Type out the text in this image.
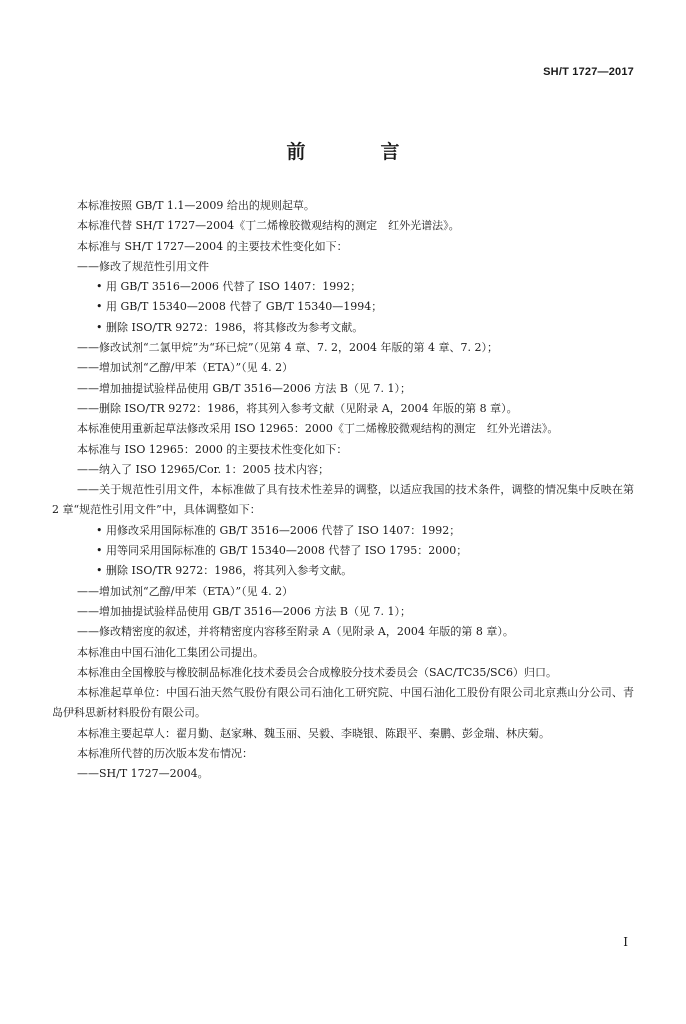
SH/T 1727—2017
前　言
本标准按照 GB/T 1.1—2009 给出的规则起草。
本标准代替 SH/T 1727—2004《丁二烯橡胶微观结构的测定　红外光谱法》。
本标准与 SH/T 1727—2004 的主要技术性变化如下：
——修改了规范性引用文件
• 用 GB/T 3516—2006 代替了 ISO 1407：1992；
• 用 GB/T 15340—2008 代替了 GB/T 15340—1994；
• 删除 ISO/TR 9272：1986，将其修改为参考文献。
——修改试剂“二氯甲烷”为“环已烷”（见第 4 章、7. 2，2004 年版的第 4 章、7. 2）；
——增加试剂“乙醇/甲苯（ETA）”（见 4. 2）
——增加抽提试验样品使用 GB/T 3516—2006 方法 B（见 7. 1）；
——删除 ISO/TR 9272：1986，将其列入参考文献（见附录 A，2004 年版的第 8 章）。
本标准使用重新起草法修改采用 ISO 12965：2000《丁二烯橡胶微观结构的测定　红外光谱法》。
本标准与 ISO 12965：2000 的主要技术性变化如下：
——纳入了 ISO 12965/Cor. 1：2005 技术内容；
——关于规范性引用文件，本标准做了具有技术性差异的调整，以适应我国的技术条件，调整的情况集中反映在第 2 章“规范性引用文件”中，具体调整如下：
• 用修改采用国际标准的 GB/T 3516—2006 代替了 ISO 1407：1992；
• 用等同采用国际标准的 GB/T 15340—2008 代替了 ISO 1795：2000；
• 删除 ISO/TR 9272：1986，将其列入参考文献。
——增加试剂“乙醇/甲苯（ETA）”（见 4. 2）
——增加抽提试验样品使用 GB/T 3516—2006 方法 B（见 7. 1）；
——修改精密度的叙述，并将精密度内容移至附录 A（见附录 A，2004 年版的第 8 章）。
本标准由中国石油化工集团公司提出。
本标准由全国橡胶与橡胶制品标准化技术委员会合成橡胶分技术委员会（SAC/TC35/SC6）归口。
本标准起草单位：中国石油天然气股份有限公司石油化工研究院、中国石油化工股份有限公司北京燕山分公司、青岛伊科思新材料股份有限公司。
本标准主要起草人：翟月勤、赵家琳、魏玉丽、吴毅、李晓银、陈跟平、秦鹏、彭金瑞、林庆菊。
本标准所代替的历次版本发布情况：
——SH/T 1727—2004。
I
